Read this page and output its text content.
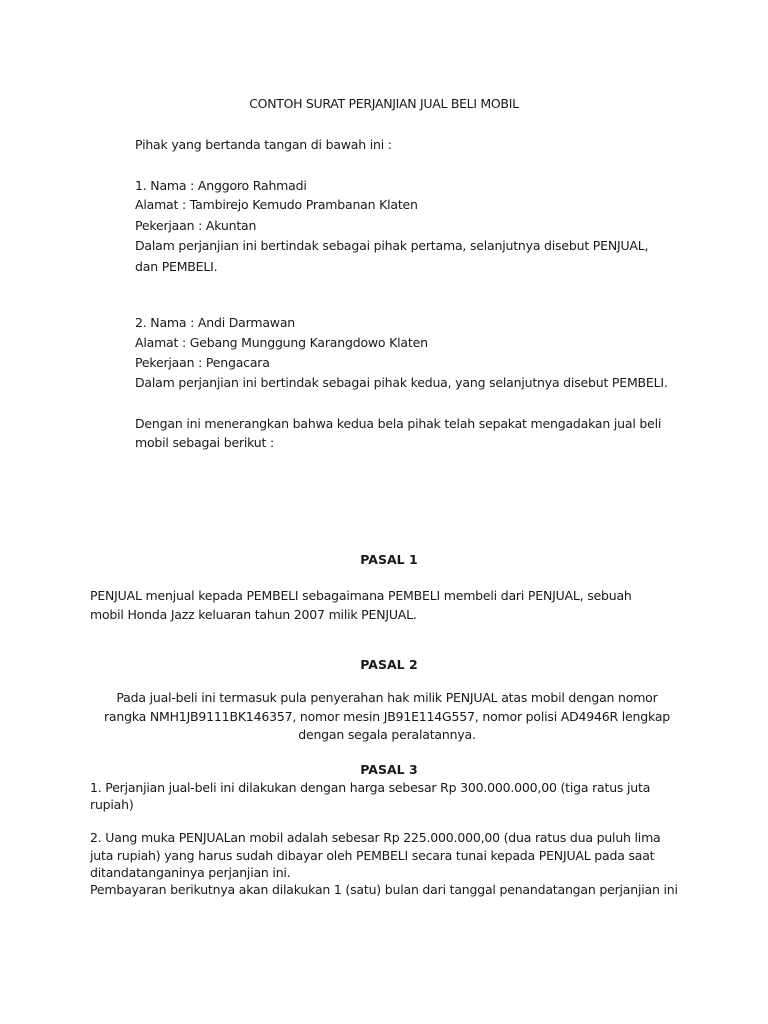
CONTOH SURAT PERJANJIAN JUAL BELI MOBIL
Pihak yang bertanda tangan di bawah ini :
1. Nama : Anggoro Rahmadi
Alamat : Tambirejo Kemudo Prambanan Klaten
Pekerjaan : Akuntan
Dalam perjanjian ini bertindak sebagai pihak pertama, selanjutnya disebut PENJUAL,
dan PEMBELI.
2. Nama : Andi Darmawan
Alamat : Gebang Munggung Karangdowo Klaten
Pekerjaan : Pengacara
Dalam perjanjian ini bertindak sebagai pihak kedua, yang selanjutnya disebut PEMBELI.
Dengan ini menerangkan bahwa kedua bela pihak telah sepakat mengadakan jual beli
mobil sebagai berikut :
PASAL 1
PENJUAL menjual kepada PEMBELI sebagaimana PEMBELI membeli dari PENJUAL, sebuah
mobil Honda Jazz keluaran tahun 2007 milik PENJUAL.
PASAL 2
Pada jual-beli ini termasuk pula penyerahan hak milik PENJUAL atas mobil dengan nomor
rangka NMH1JB9111BK146357, nomor mesin JB91E114G557, nomor polisi AD4946R lengkap
dengan segala peralatannya.
PASAL 3
1. Perjanjian jual-beli ini dilakukan dengan harga sebesar Rp 300.000.000,00 (tiga ratus juta
rupiah)
2. Uang muka PENJUALan mobil adalah sebesar Rp 225.000.000,00 (dua ratus dua puluh lima
juta rupiah) yang harus sudah dibayar oleh PEMBELI secara tunai kepada PENJUAL pada saat
ditandatanganinya perjanjian ini.
Pembayaran berikutnya akan dilakukan 1 (satu) bulan dari tanggal penandatangan perjanjian ini
